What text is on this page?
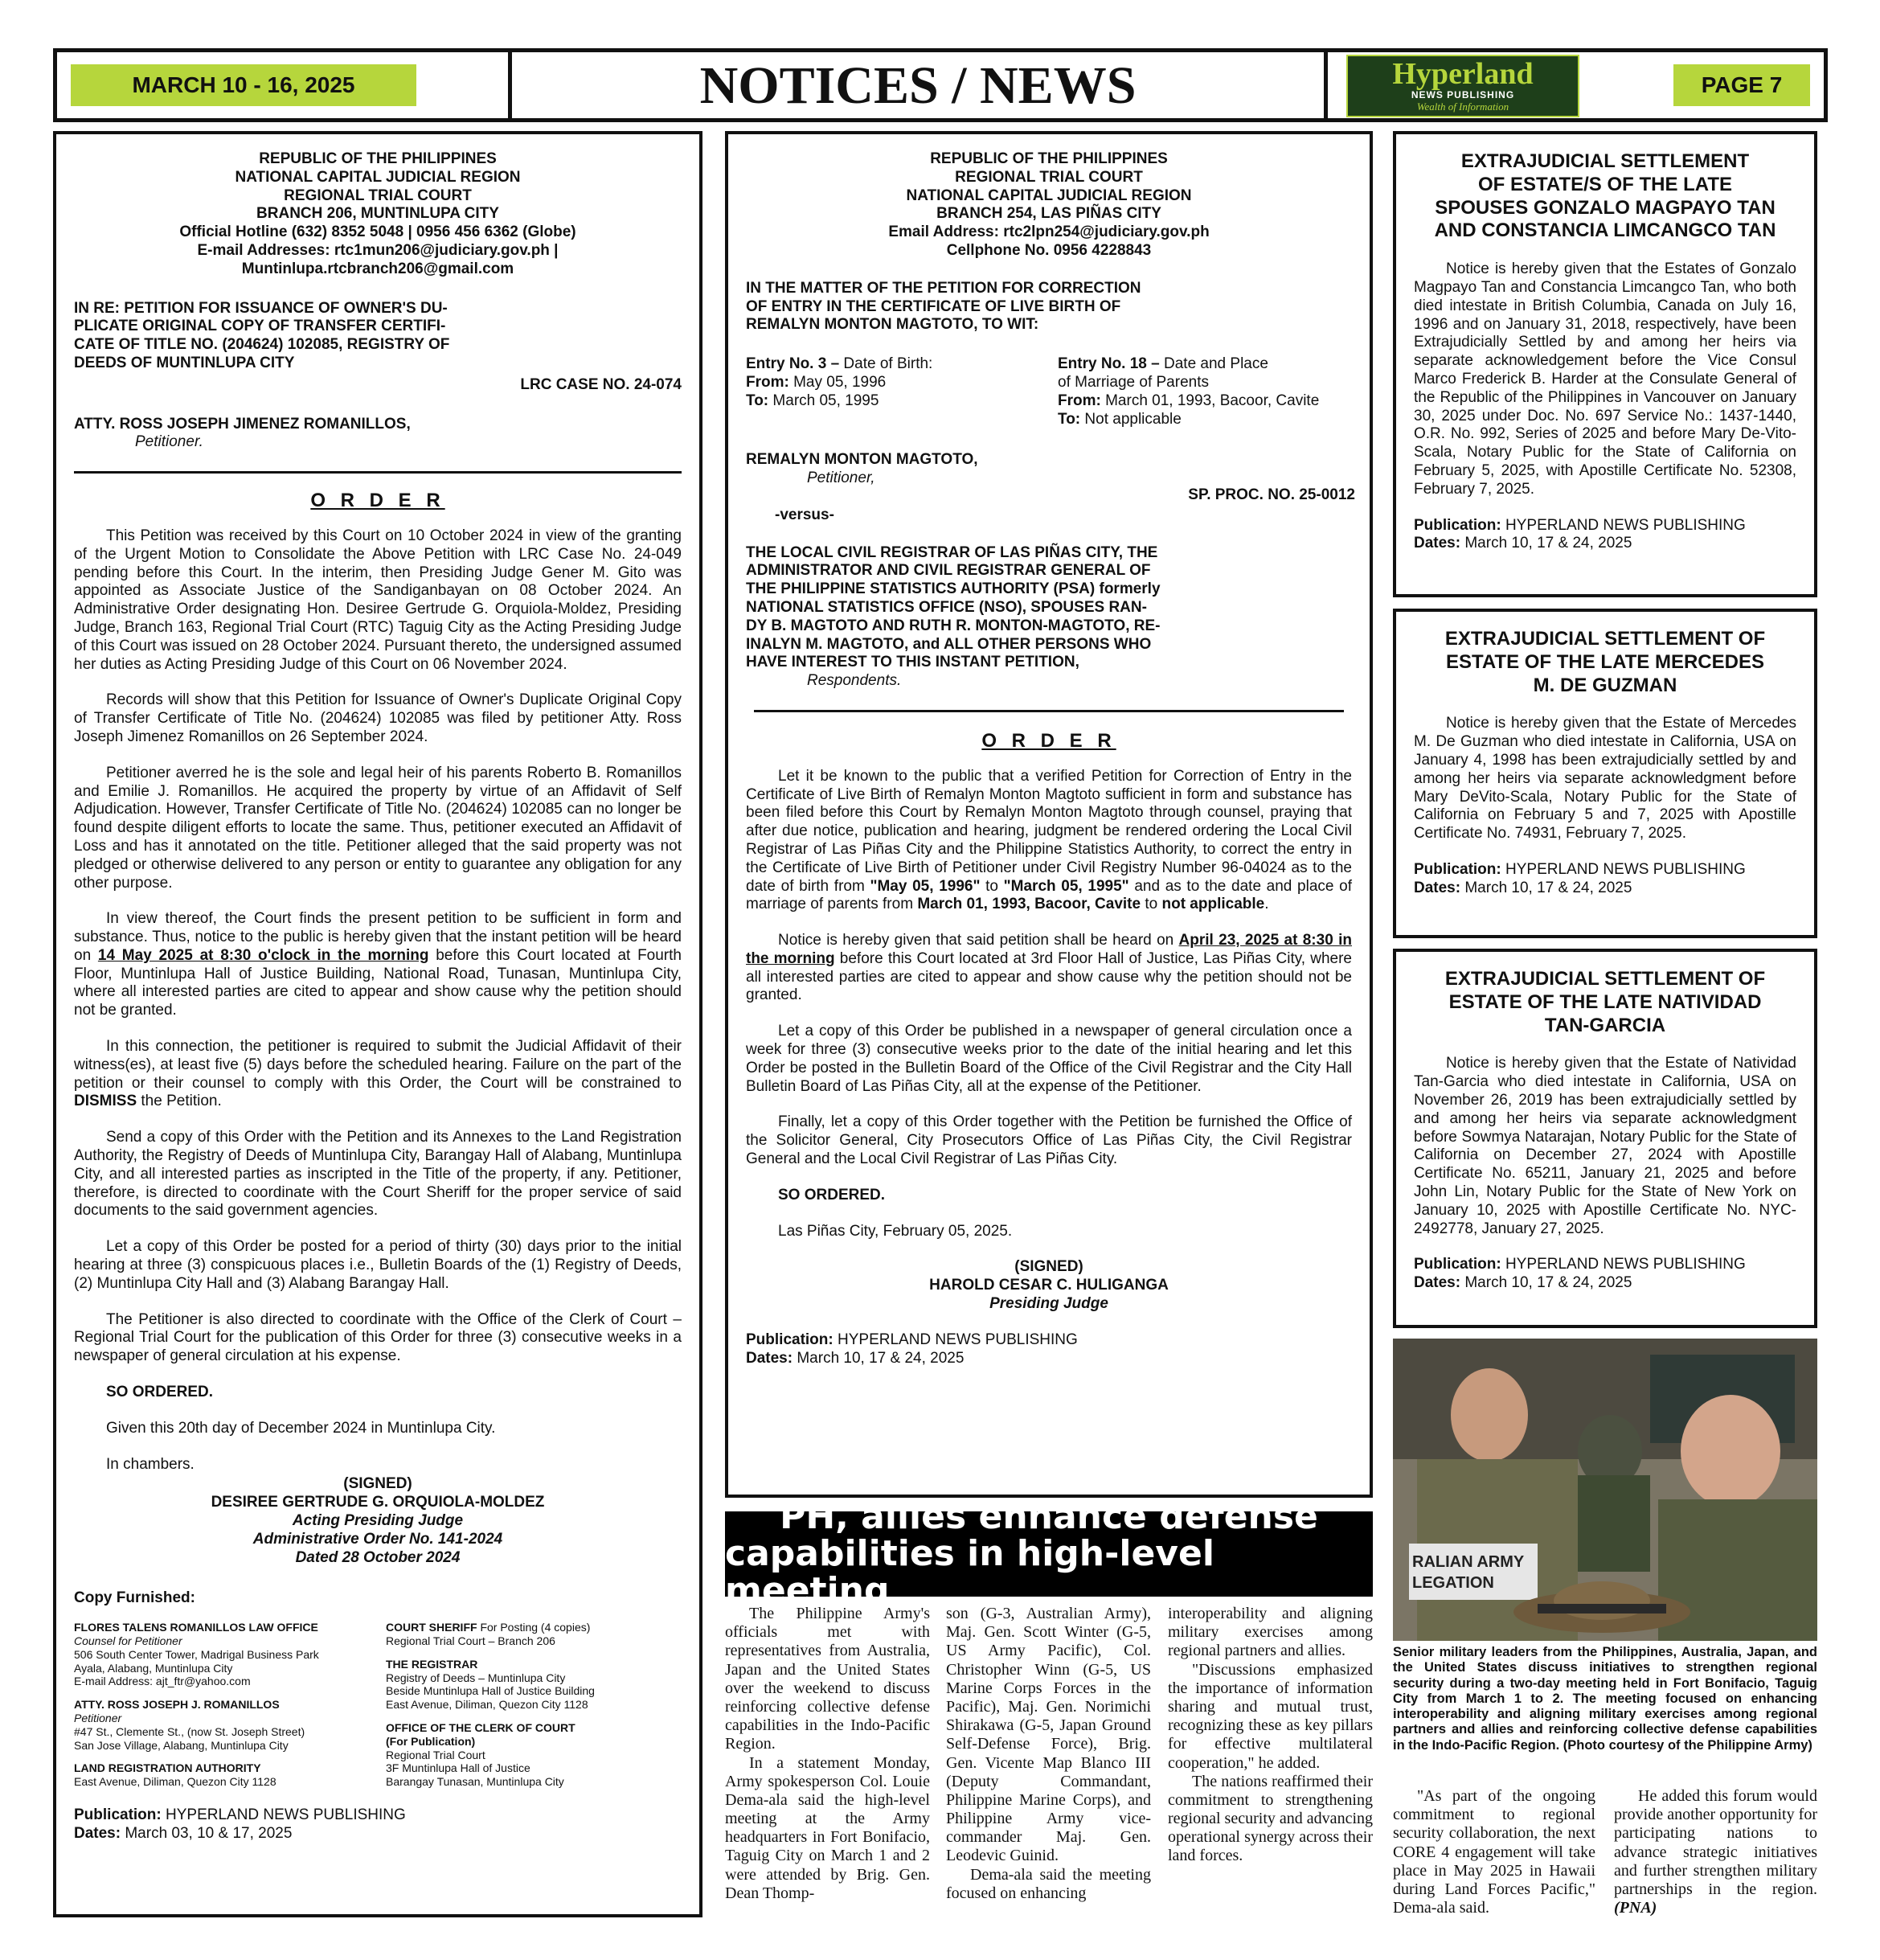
MARCH 10 - 16, 2025	NOTICES / NEWS	Hyperland
NEWS PUBLISHING
Wealth of Information
PAGE 7
REPUBLIC OF THE PHILIPPINES
NATIONAL CAPITAL JUDICIAL REGION
REGIONAL TRIAL COURT
BRANCH 206, MUNTINLUPA CITY
Official Hotline (632) 8352 5048 | 0956 456 6362 (Globe)
E-mail Addresses: rtc1mun206@judiciary.gov.ph |
Muntinlupa.rtcbranch206@gmail.com
IN RE: PETITION FOR ISSUANCE OF OWNER'S DU-
PLICATE ORIGINAL COPY OF TRANSFER CERTIFI-
CATE OF TITLE NO. (204624) 102085, REGISTRY OF
DEEDS OF MUNTINLUPA CITY
LRC CASE NO. 24-074
ATTY. ROSS JOSEPH JIMENEZ ROMANILLOS,
Petitioner.
O R D E R

This Petition was received by this Court on 10 October 2024 in view of the granting of the Urgent Motion to Consolidate the Above Petition with LRC Case No. 24-049 pending before this Court. In the interim, then Presiding Judge Gener M. Gito was appointed as Associate Justice of the Sandiganbayan on 08 October 2024. An Administrative Order designating Hon. Desiree Gertrude G. Orquiola-Moldez, Presiding Judge, Branch 163, Regional Trial Court (RTC) Taguig City as the Acting Presiding Judge of this Court was issued on 28 October 2024. Pursuant thereto, the undersigned assumed her duties as Acting Presiding Judge of this Court on 06 November 2024.

Records will show that this Petition for Issuance of Owner's Duplicate Original Copy of Transfer Certificate of Title No. (204624) 102085 was filed by petitioner Atty. Ross Joseph Jimenez Romanillos on 26 September 2024.

Petitioner averred he is the sole and legal heir of his parents Roberto B. Romanillos and Emilie J. Romanillos. He acquired the property by virtue of an Affidavit of Self Adjudication. However, Transfer Certificate of Title No. (204624) 102085 can no longer be found despite diligent efforts to locate the same. Thus, petitioner executed an Affidavit of Loss and has it annotated on the title. Petitioner alleged that the said property was not pledged or otherwise delivered to any person or entity to guarantee any obligation for any other purpose.

In view thereof, the Court finds the present petition to be sufficient in form and substance. Thus, notice to the public is hereby given that the instant petition will be heard on 14 May 2025 at 8:30 o'clock in the morning before this Court located at Fourth Floor, Muntinlupa Hall of Justice Building, National Road, Tunasan, Muntinlupa City, where all interested parties are cited to appear and show cause why the petition should not be granted.

In this connection, the petitioner is required to submit the Judicial Affidavit of their witness(es), at least five (5) days before the scheduled hearing. Failure on the part of the petition or their counsel to comply with this Order, the Court will be constrained to DISMISS the Petition.

Send a copy of this Order with the Petition and its Annexes to the Land Registration Authority, the Registry of Deeds of Muntinlupa City, Barangay Hall of Alabang, Muntinlupa City, and all interested parties as inscripted in the Title of the property, if any. Petitioner, therefore, is directed to coordinate with the Court Sheriff for the proper service of said documents to the said government agencies.

Let a copy of this Order be posted for a period of thirty (30) days prior to the initial hearing at three (3) conspicuous places i.e., Bulletin Boards of the (1) Registry of Deeds, (2) Muntinlupa City Hall and (3) Alabang Barangay Hall.

The Petitioner is also directed to coordinate with the Office of the Clerk of Court – Regional Trial Court for the publication of this Order for three (3) consecutive weeks in a newspaper of general circulation at his expense.

SO ORDERED.

Given this 20th day of December 2024 in Muntinlupa City.

In chambers.

(SIGNED)
DESIREE GERTRUDE G. ORQUIOLA-MOLDEZ
Acting Presiding Judge
Administrative Order No. 141-2024
Dated 28 October 2024
Copy Furnished:
FLORES TALENS ROMANILLOS LAW OFFICE
Counsel for Petitioner
506 South Center Tower, Madrigal Business Park
Ayala, Alabang, Muntinlupa City
E-mail Address: ajt_ftr@yahoo.com
ATTY. ROSS JOSEPH J. ROMANILLOS
Petitioner
#47 St., Clemente St., (now St. Joseph Street)
San Jose Village, Alabang, Muntinlupa City
LAND REGISTRATION AUTHORITY
East Avenue, Diliman, Quezon City 1128
COURT SHERIFF For Posting (4 copies)
Regional Trial Court – Branch 206
THE REGISTRAR
Registry of Deeds – Muntinlupa City
Beside Muntinlupa Hall of Justice Building
East Avenue, Diliman, Quezon City 1128
OFFICE OF THE CLERK OF COURT
(For Publication)
Regional Trial Court
3F Muntinlupa Hall of Justice
Barangay Tunasan, Muntinlupa City
Publication: HYPERLAND NEWS PUBLISHING
Dates: March 03, 10 & 17, 2025
REPUBLIC OF THE PHILIPPINES
REGIONAL TRIAL COURT
NATIONAL CAPITAL JUDICIAL REGION
BRANCH 254, LAS PIÑAS CITY
Email Address: rtc2lpn254@judiciary.gov.ph
Cellphone No. 0956 4228843
IN THE MATTER OF THE PETITION FOR CORRECTION
OF ENTRY IN THE CERTIFICATE OF LIVE BIRTH OF
REMALYN MONTON MAGTOTO, TO WIT:
Entry No. 3 – Date of Birth:
From: May 05, 1996
To: March 05, 1995
Entry No. 18 – Date and Place
of Marriage of Parents
From: March 01, 1993, Bacoor, Cavite
To: Not applicable
REMALYN MONTON MAGTOTO,
Petitioner,
SP. PROC. NO. 25-0012
-versus-
THE LOCAL CIVIL REGISTRAR OF LAS PIÑAS CITY, THE
ADMINISTRATOR AND CIVIL REGISTRAR GENERAL OF
THE PHILIPPINE STATISTICS AUTHORITY (PSA) formerly
NATIONAL STATISTICS OFFICE (NSO), SPOUSES RAN-
DY B. MAGTOTO AND RUTH R. MONTON-MAGTOTO, RE-
INALYN M. MAGTOTO, and ALL OTHER PERSONS WHO
HAVE INTEREST TO THIS INSTANT PETITION,
Respondents.
O R D E R

Let it be known to the public that a verified Petition for Correction of Entry in the Certificate of Live Birth of Remalyn Monton Magtoto sufficient in form and substance has been filed before this Court by Remalyn Monton Magtoto through counsel, praying that after due notice, publication and hearing, judgment be rendered ordering the Local Civil Registrar of Las Piñas City and the Philippine Statistics Authority, to correct the entry in the Certificate of Live Birth of Petitioner under Civil Registry Number 96-04024 as to the date of birth from "May 05, 1996" to "March 05, 1995" and as to the date and place of marriage of parents from March 01, 1993, Bacoor, Cavite to not applicable.

Notice is hereby given that said petition shall be heard on April 23, 2025 at 8:30 in the morning before this Court located at 3rd Floor Hall of Justice, Las Piñas City, where all interested parties are cited to appear and show cause why the petition should not be granted.

Let a copy of this Order be published in a newspaper of general circulation once a week for three (3) consecutive weeks prior to the date of the initial hearing and let this Order be posted in the Bulletin Board of the Office of the Civil Registrar and the City Hall Bulletin Board of Las Piñas City, all at the expense of the Petitioner.

Finally, let a copy of this Order together with the Petition be furnished the Office of the Solicitor General, City Prosecutors Office of Las Piñas City, the Civil Registrar General and the Local Civil Registrar of Las Piñas City.

SO ORDERED.

Las Piñas City, February 05, 2025.

(SIGNED)
HAROLD CESAR C. HULIGANGA
Presiding Judge
Publication: HYPERLAND NEWS PUBLISHING
Dates: March 10, 17 & 24, 2025
EXTRAJUDICIAL SETTLEMENT
OF ESTATE/S OF THE LATE
SPOUSES GONZALO MAGPAYO TAN
AND CONSTANCIA LIMCANGCO TAN

Notice is hereby given that the Estates of Gonzalo Magpayo Tan and Constancia Limcangco Tan, who both died intestate in British Columbia, Canada on July 16, 1996 and on January 31, 2018, respectively, have been Extrajudicially Settled by and among her heirs via separate acknowledgement before the Vice Consul Marco Frederick B. Harder at the Consulate General of the Republic of the Philippines in Vancouver on January 30, 2025 under Doc. No. 697 Service No.: 1437-1440, O.R. No. 992, Series of 2025 and before Mary De-Vito- Scala, Notary Public for the State of California on February 5, 2025, with Apostille Certificate No. 52308, February 7, 2025.

Publication: HYPERLAND NEWS PUBLISHING
Dates: March 10, 17 & 24, 2025
EXTRAJUDICIAL SETTLEMENT OF
ESTATE OF THE LATE MERCEDES
M. DE GUZMAN

Notice is hereby given that the Estate of Mercedes M. De Guzman who died intestate in California, USA on January 4, 1998 has been extrajudicially settled by and among her heirs via separate acknowledgment before Mary DeVito-Scala, Notary Public for the State of California on February 5 and 7, 2025 with Apostille Certificate No. 74931, February 7, 2025.

Publication: HYPERLAND NEWS PUBLISHING
Dates: March 10, 17 & 24, 2025
EXTRAJUDICIAL SETTLEMENT OF
ESTATE OF THE LATE NATIVIDAD
TAN-GARCIA

Notice is hereby given that the Estate of Natividad Tan-Garcia who died intestate in California, USA on November 26, 2019 has been extrajudicially settled by and among her heirs via separate acknowledgment before Sowmya Natarajan, Notary Public for the State of California on December 27, 2024 with Apostille Certificate No. 65211, January 21, 2025 and before John Lin, Notary Public for the State of New York on January 10, 2025 with Apostille Certificate No. NYC-2492778, January 27, 2025.

Publication: HYPERLAND NEWS PUBLISHING
Dates: March 10, 17 & 24, 2025
PH, allies enhance defense
capabilities in high-level meeting

The Philippine Army's officials met with representatives from Australia, Japan and the United States over the weekend to discuss reinforcing collective defense capabilities in the Indo-Pacific Region.

In a statement Monday, Army spokesperson Col. Louie Dema-ala said the high-level meeting at the Army headquarters in Fort Bonifacio, Taguig City on March 1 and 2 were attended by Brig. Gen. Dean Thomp-

son (G-3, Australian Army), Maj. Gen. Scott Winter (G-5, US Army Pacific), Col. Christopher Winn (G-5, US Marine Corps Forces in the Pacific), Maj. Gen. Norimichi Shirakawa (G-5, Japan Ground Self-Defense Force), Brig. Gen. Vicente Map Blanco III (Deputy Commandant, Philippine Marine Corps), and Philippine Army vice-commander Maj. Gen. Leodevic Guinid.

Dema-ala said the meeting focused on enhancing

interoperability and aligning military exercises among regional partners and allies.

"Discussions emphasized the importance of information sharing and mutual trust, recognizing these as key pillars for effective multilateral cooperation," he added.

The nations reaffirmed their commitment to strengthening regional security and advancing operational synergy across their land forces.

RALIAN ARMY
LEGATION
Senior military leaders from the Philippines, Australia, Japan, and the United States discuss initiatives to strengthen regional security during a two-day meeting held in Fort Bonifacio, Taguig City from March 1 to 2. The meeting focused on enhancing interoperability and aligning military exercises among regional partners and allies and reinforcing collective defense capabilities in the Indo-Pacific Region. (Photo courtesy of the Philippine Army)

"As part of the ongoing commitment to regional security collaboration, the next CORE 4 engagement will take place in May 2025 in Hawaii during Land Forces Pacific," Dema-ala said.

He added this forum would provide another opportunity for participating nations to advance strategic initiatives and further strengthen military partnerships in the region. (PNA)
